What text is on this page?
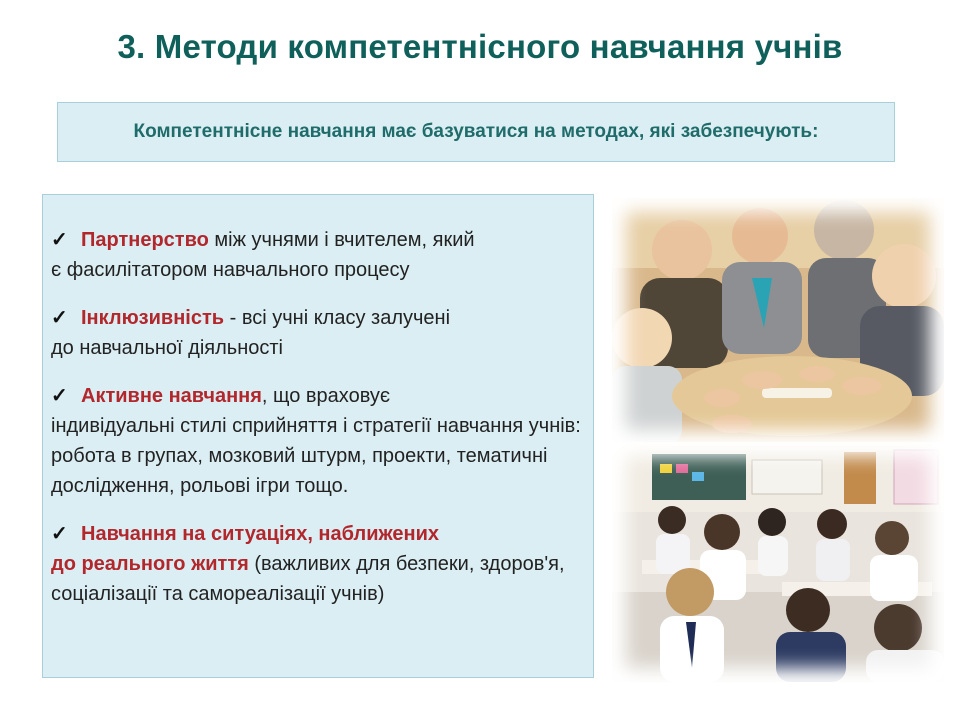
3. Методи компетентнісного навчання учнів
Компетентнісне навчання має базуватися на методах, які забезпечують:
✓ Партнерство між учнями і вчителем, який
є фасилітатором навчального процесу
✓ Інклюзивність - всі учні класу залучені
до навчальної діяльності
✓ Активне навчання, що враховує
індивідуальні стилі сприйняття і стратегії навчання учнів: робота в групах, мозковий штурм, проекти, тематичні дослідження, рольові ігри тощо.
✓ Навчання на ситуаціях, наближених
до реального життя (важливих для безпеки, здоров'я, соціалізації та самореалізації учнів)
